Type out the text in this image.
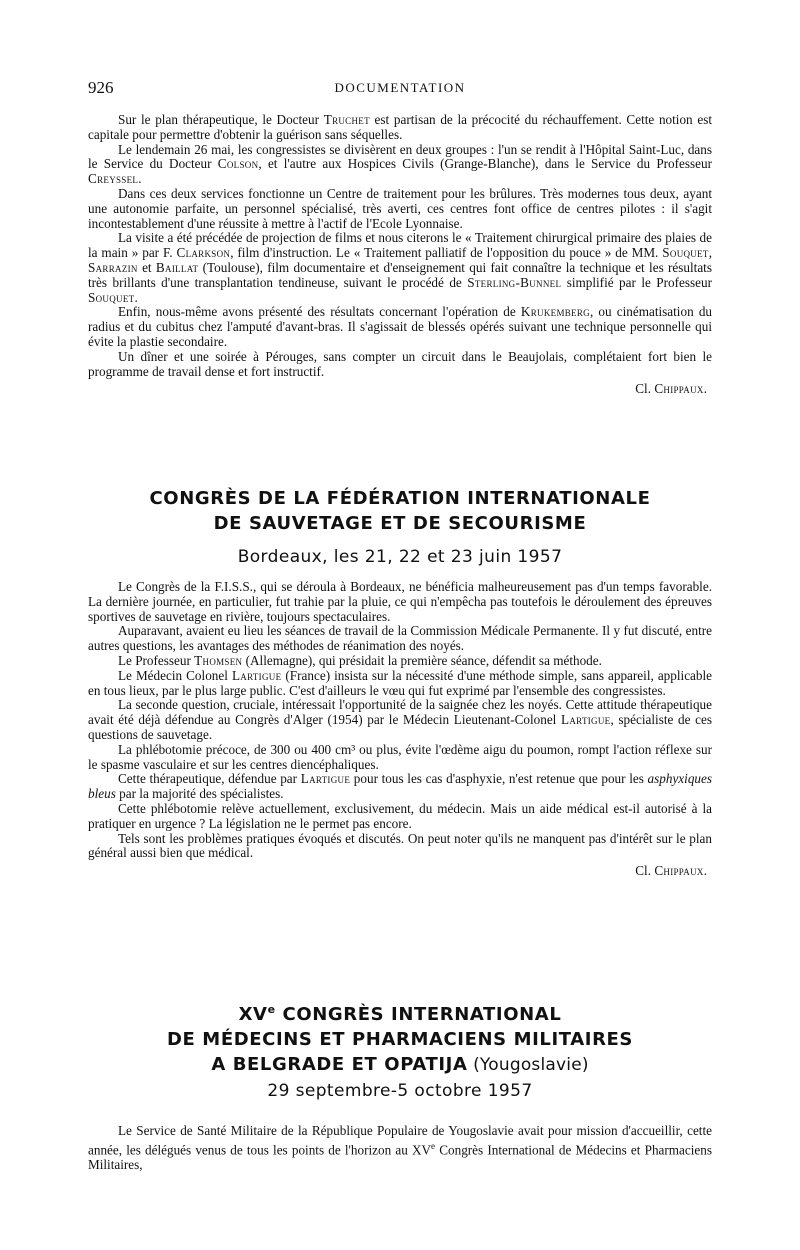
926	DOCUMENTATION

Sur le plan thérapeutique, le Docteur Truchet est partisan de la précocité du réchauffement. Cette notion est capitale pour permettre d'obtenir la guérison sans séquelles.

Le lendemain 26 mai, les congressistes se divisèrent en deux groupes : l'un se rendit à l'Hôpital Saint-Luc, dans le Service du Docteur Colson, et l'autre aux Hospices Civils (Grange-Blanche), dans le Service du Professeur Creyssel.

Dans ces deux services fonctionne un Centre de traitement pour les brûlures. Très modernes tous deux, ayant une autonomie parfaite, un personnel spécialisé, très averti, ces centres font office de centres pilotes : il s'agit incontestablement d'une réussite à mettre à l'actif de l'Ecole Lyonnaise.

La visite a été précédée de projection de films et nous citerons le « Traitement chirurgical primaire des plaies de la main » par F. Clarkson, film d'instruction. Le « Traitement palliatif de l'opposition du pouce » de MM. Souquet, Sarrazin et Baillat (Toulouse), film documentaire et d'enseignement qui fait connaître la technique et les résultats très brillants d'une transplantation tendineuse, suivant le procédé de Sterling-Bunnel simplifié par le Professeur Souquet.

Enfin, nous-même avons présenté des résultats concernant l'opération de Krukemberg, ou cinématisation du radius et du cubitus chez l'amputé d'avant-bras. Il s'agissait de blessés opérés suivant une technique personnelle qui évite la plastie secondaire.

Un dîner et une soirée à Pérouges, sans compter un circuit dans le Beaujolais, complétaient fort bien le programme de travail dense et fort instructif.

Cl. Chippaux.

CONGRÈS DE LA FÉDÉRATION INTERNATIONALE
DE SAUVETAGE ET DE SECOURISME
Bordeaux, les 21, 22 et 23 juin 1957

Le Congrès de la F.I.S.S., qui se déroula à Bordeaux, ne bénéficia malheureusement pas d'un temps favorable. La dernière journée, en particulier, fut trahie par la pluie, ce qui n'empêcha pas toutefois le déroulement des épreuves sportives de sauvetage en rivière, toujours spectaculaires.

Auparavant, avaient eu lieu les séances de travail de la Commission Médicale Permanente. Il y fut discuté, entre autres questions, les avantages des méthodes de réanimation des noyés.

Le Professeur Thomsen (Allemagne), qui présidait la première séance, défendit sa méthode.

Le Médecin Colonel Lartigue (France) insista sur la nécessité d'une méthode simple, sans appareil, applicable en tous lieux, par le plus large public. C'est d'ailleurs le vœu qui fut exprimé par l'ensemble des congressistes.

La seconde question, cruciale, intéressait l'opportunité de la saignée chez les noyés. Cette attitude thérapeutique avait été déjà défendue au Congrès d'Alger (1954) par le Médecin Lieutenant-Colonel Lartigue, spécialiste de ces questions de sauvetage.

La phlébotomie précoce, de 300 ou 400 cm³ ou plus, évite l'œdème aigu du poumon, rompt l'action réflexe sur le spasme vasculaire et sur les centres diencéphaliques.

Cette thérapeutique, défendue par Lartigue pour tous les cas d'asphyxie, n'est retenue que pour les asphyxiques bleus par la majorité des spécialistes.

Cette phlébotomie relève actuellement, exclusivement, du médecin. Mais un aide médical est-il autorisé à la pratiquer en urgence ? La législation ne le permet pas encore.

Tels sont les problèmes pratiques évoqués et discutés. On peut noter qu'ils ne manquent pas d'intérêt sur le plan général aussi bien que médical.

Cl. Chippaux.

XVe CONGRÈS INTERNATIONAL
DE MÉDECINS ET PHARMACIENS MILITAIRES
A BELGRADE ET OPATIJA (Yougoslavie)
29 septembre-5 octobre 1957

Le Service de Santé Militaire de la République Populaire de Yougoslavie avait pour mission d'accueillir, cette année, les délégués venus de tous les points de l'horizon au XVe Congrès International de Médecins et Pharmaciens Militaires,
